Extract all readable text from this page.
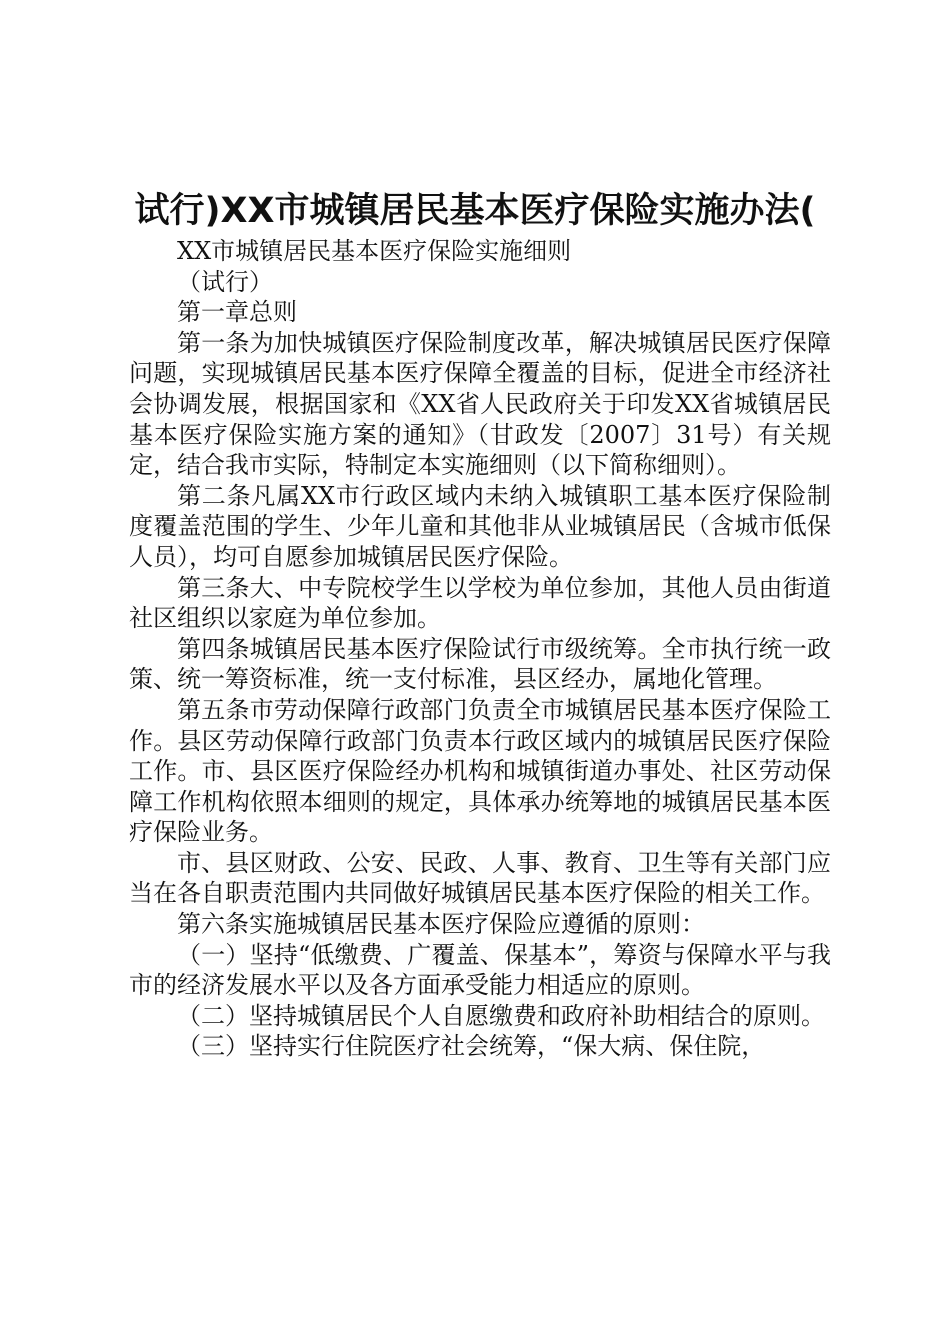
试行)XX市城镇居民基本医疗保险实施办法(
XX市城镇居民基本医疗保险实施细则
（试行）
第一章总则
第一条为加快城镇医疗保险制度改革，解决城镇居民医疗保障问题，实现城镇居民基本医疗保障全覆盖的目标，促进全市经济社会协调发展，根据国家和《XX省人民政府关于印发XX省城镇居民基本医疗保险实施方案的通知》（甘政发〔2007〕31号）有关规定，结合我市实际，特制定本实施细则（以下简称细则）。
第二条凡属XX市行政区域内未纳入城镇职工基本医疗保险制度覆盖范围的学生、少年儿童和其他非从业城镇居民（含城市低保人员），均可自愿参加城镇居民医疗保险。
第三条大、中专院校学生以学校为单位参加，其他人员由街道社区组织以家庭为单位参加。
第四条城镇居民基本医疗保险试行市级统筹。全市执行统一政策、统一筹资标准，统一支付标准，县区经办，属地化管理。
第五条市劳动保障行政部门负责全市城镇居民基本医疗保险工作。县区劳动保障行政部门负责本行政区域内的城镇居民医疗保险工作。市、县区医疗保险经办机构和城镇街道办事处、社区劳动保障工作机构依照本细则的规定，具体承办统筹地的城镇居民基本医疗保险业务。
市、县区财政、公安、民政、人事、教育、卫生等有关部门应当在各自职责范围内共同做好城镇居民基本医疗保险的相关工作。
第六条实施城镇居民基本医疗保险应遵循的原则：
（一）坚持“低缴费、广覆盖、保基本”，筹资与保障水平与我市的经济发展水平以及各方面承受能力相适应的原则。
（二）坚持城镇居民个人自愿缴费和政府补助相结合的原则。
（三）坚持实行住院医疗社会统筹，“保大病、保住院，
